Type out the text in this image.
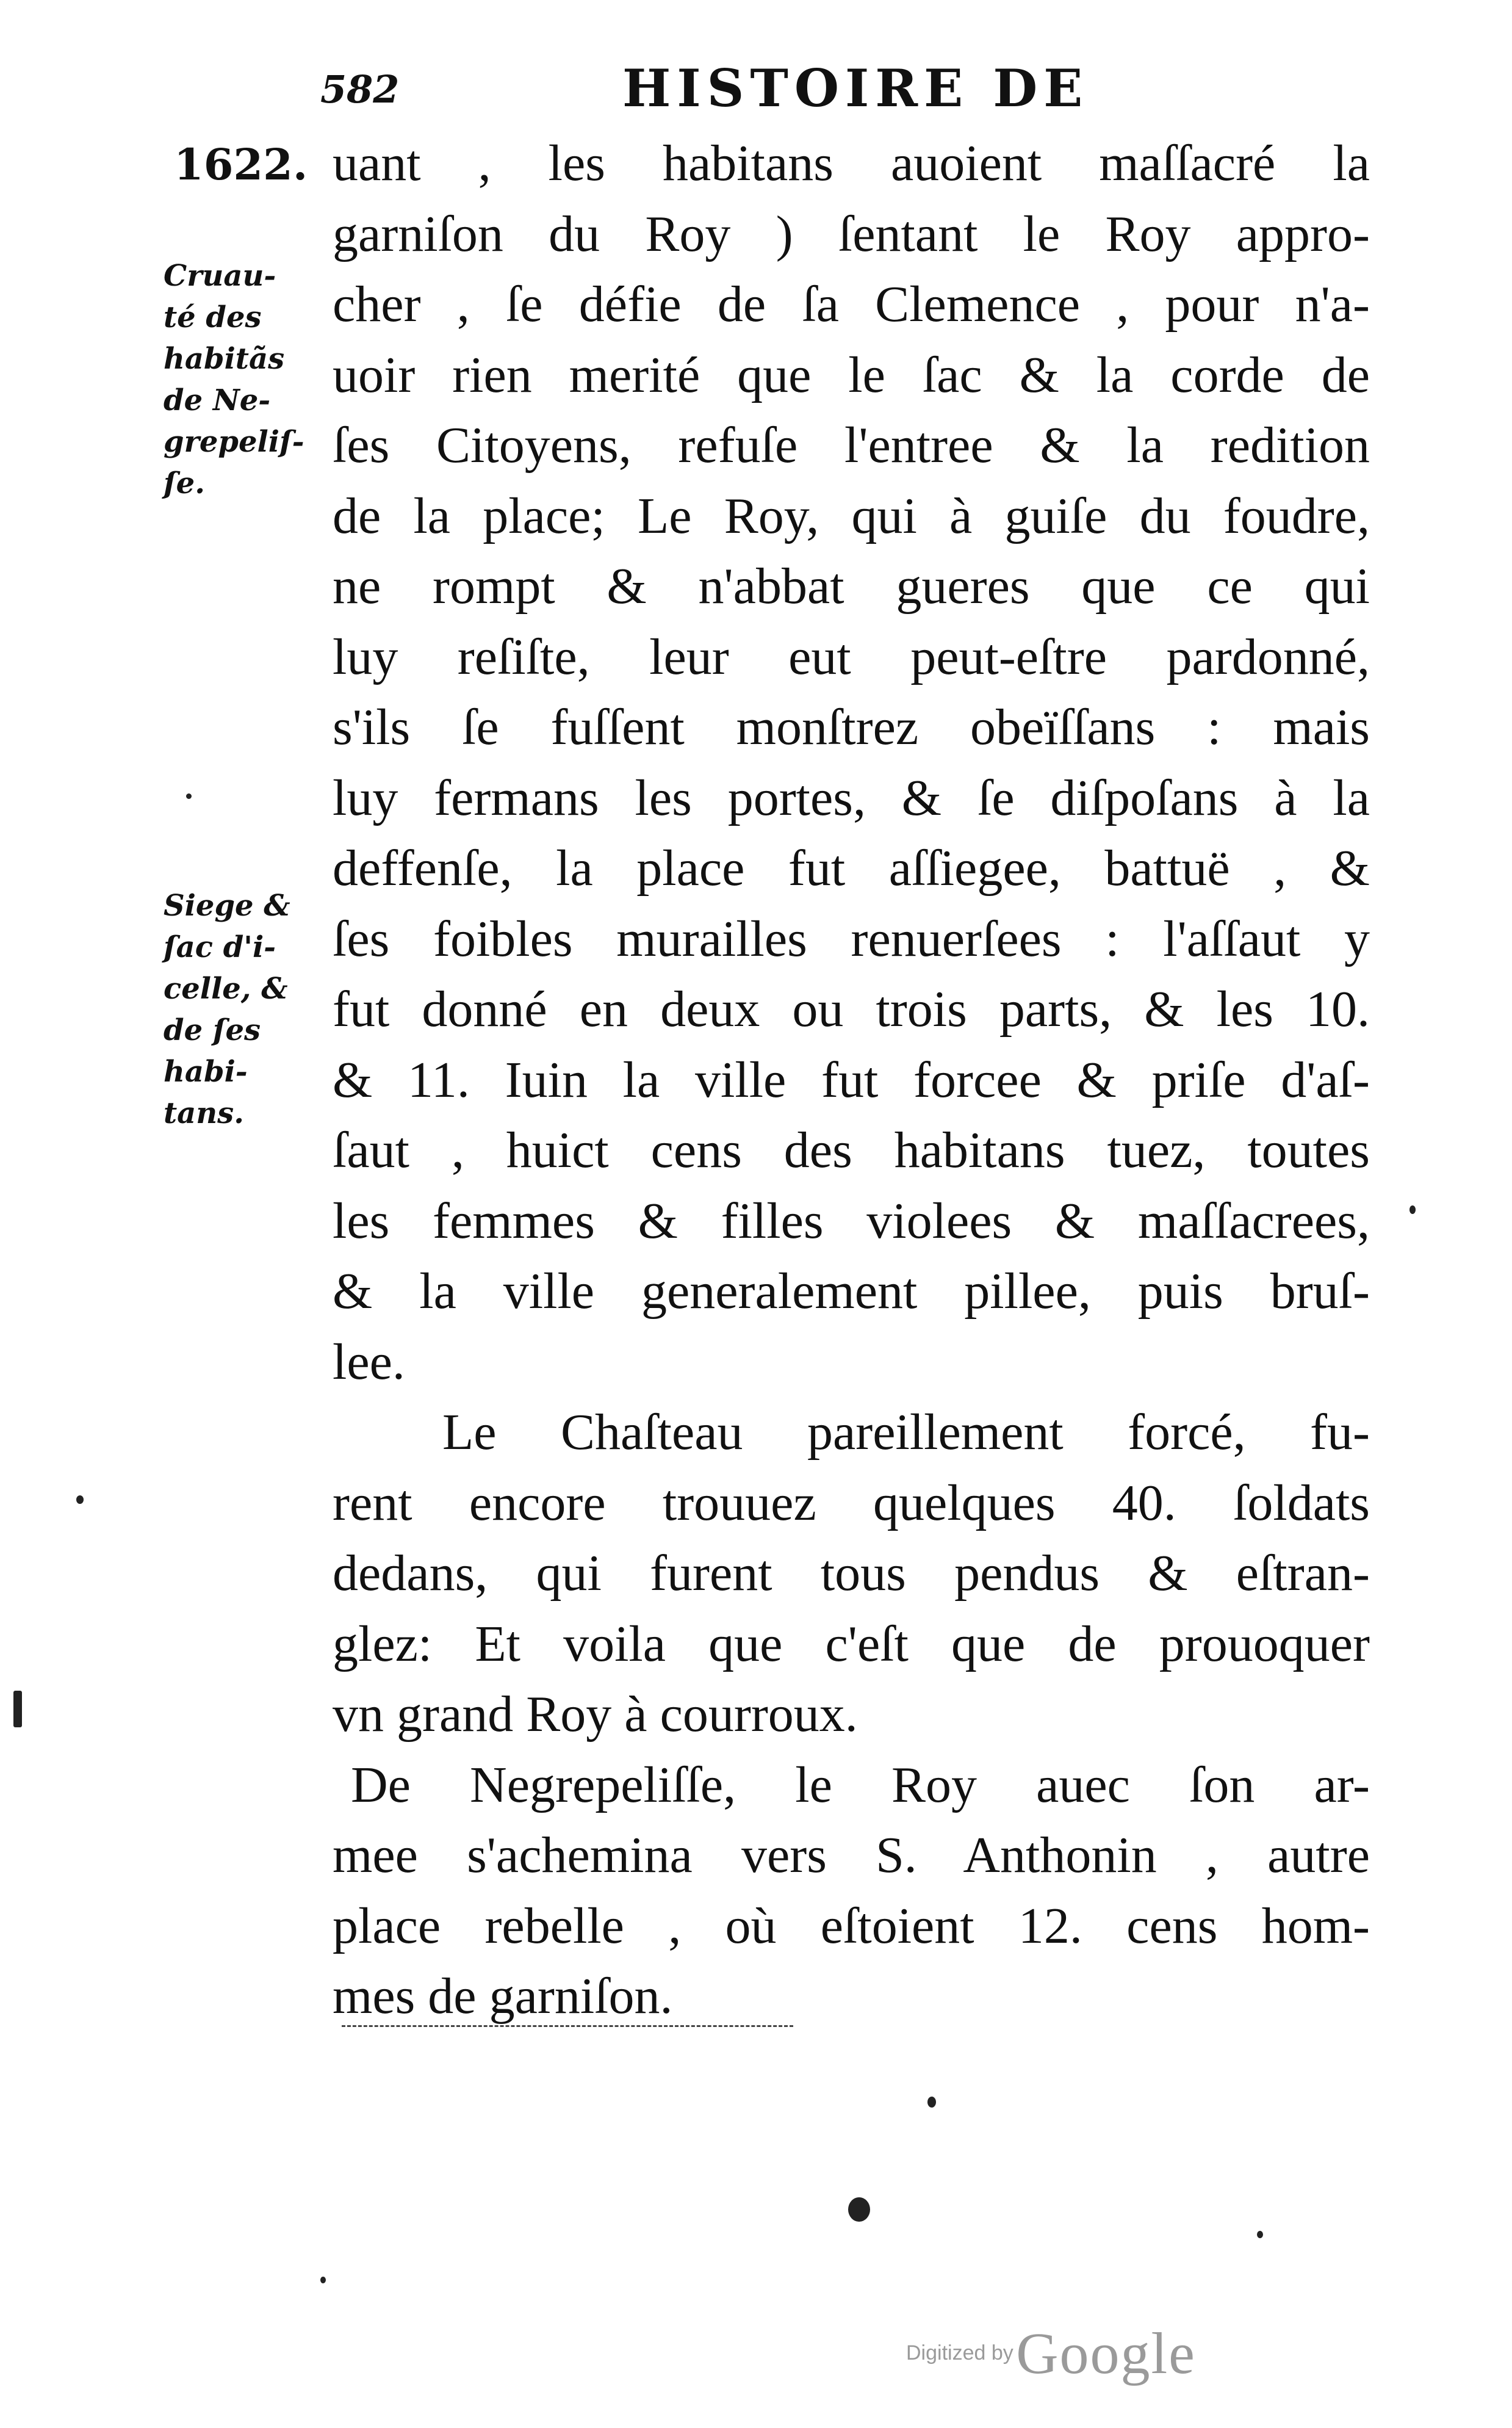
582	HISTOIRE DE
1622.
Cruau-
té des
habitãs
de Ne-
grepeliſ-
ſe.
Siege &
ſac d'i-
celle, &
de ſes
habi-
tans.
uant , les habitans auoient maſſacré la
garniſon du Roy ) ſentant le Roy appro-
cher , ſe défie de ſa Clemence , pour n'a-
uoir rien merité que le ſac & la corde de
ſes Citoyens, refuſe l'entree & la redition
de la place; Le Roy, qui à guiſe du foudre,
ne rompt & n'abbat gueres que ce qui
luy reſiſte, leur eut peut-eſtre pardonné,
s'ils ſe fuſſent monſtrez obeïſſans : mais
luy fermans les portes, & ſe diſpoſans à la
deffenſe, la place fut aſſiegee, battuë , &
ſes foibles murailles renuerſees : l'aſſaut y
fut donné en deux ou trois parts, & les 10.
& 11. Iuin la ville fut forcee & priſe d'aſ-
ſaut , huict cens des habitans tuez, toutes
les femmes & filles violees & maſſacrees,
& la ville generalement pillee, puis bruſ-
lee.
Le Chaſteau pareillement forcé, fu-
rent encore trouuez quelques 40. ſoldats
dedans, qui furent tous pendus & eſtran-
glez: Et voila que c'eſt que de prouoquer
vn grand Roy à courroux.
De Negrepeliſſe, le Roy auec ſon ar-
mee s'achemina vers S. Anthonin , autre
place rebelle , où eſtoient 12. cens hom-
mes de garniſon.
Digitized by Google
